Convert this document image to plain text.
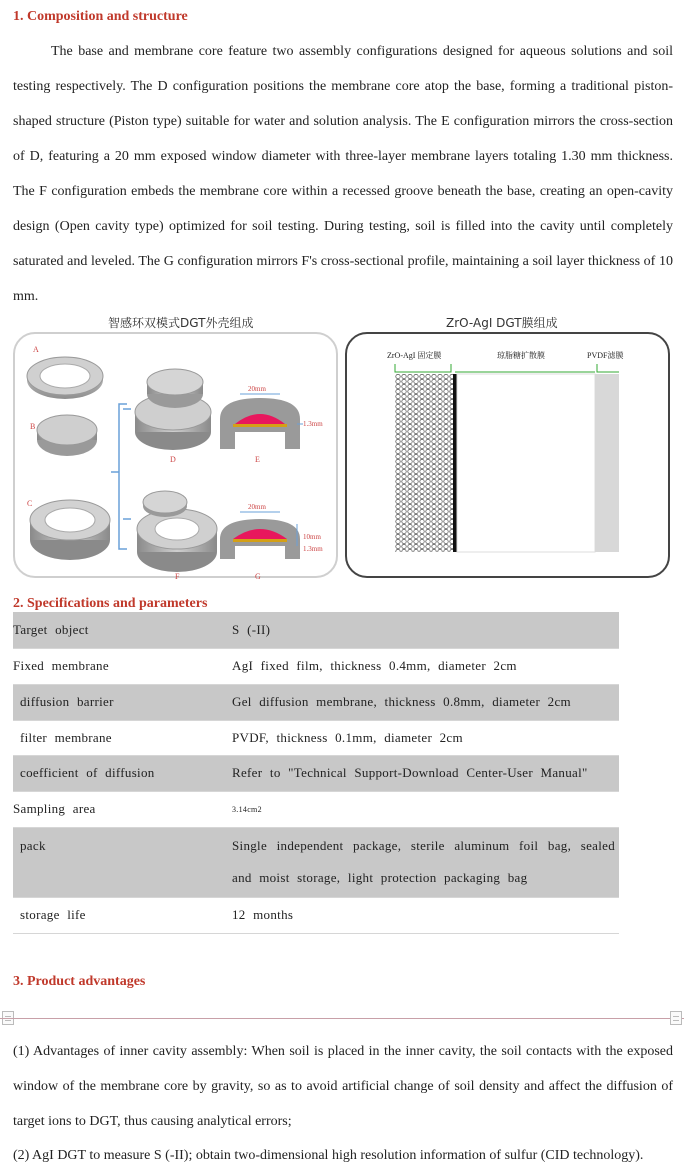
1. Composition and structure
The base and membrane core feature two assembly configurations designed for aqueous solutions and soil testing respectively. The D configuration positions the membrane core atop the base, forming a traditional piston-shaped structure (Piston type) suitable for water and solution analysis. The E configuration mirrors the cross-section of D, featuring a 20 mm exposed window diameter with three-layer membrane layers totaling 1.30 mm thickness. The F configuration embeds the membrane core within a recessed groove beneath the base, creating an open-cavity design (Open cavity type) optimized for soil testing. During testing, soil is filled into the cavity until completely saturated and leveled. The G configuration mirrors F's cross-sectional profile, maintaining a soil layer thickness of 10 mm.
智感环双模式DGT外壳组成	ZrO-AgI DGT膜组成
A
B
C
D
20mm
1.3mm
E
F
20mm
10mm
1.3mm
G
ZrO-AgI 固定膜	琼脂糖扩散膜	PVDF滤膜
2. Specifications and parameters
Target object	S (-II)

Fixed membrane	AgI fixed film, thickness 0.4mm, diameter 2cm

diffusion barrier	Gel diffusion membrane, thickness 0.8mm, diameter 2cm

filter membrane	PVDF, thickness 0.1mm, diameter 2cm

coefficient of diffusion	Refer to "Technical Support-Download Center-User Manual"

Sampling area	3.14cm2

pack	Single independent package, sterile aluminum foil bag, sealed and moist storage, light protection packaging bag

storage life	12 months
3. Product advantages
(1) Advantages of inner cavity assembly: When soil is placed in the inner cavity, the soil contacts with the exposed window of the membrane core by gravity, so as to avoid artificial change of soil density and affect the diffusion of target ions to DGT, thus causing analytical errors;
(2) AgI DGT to measure S (-II); obtain two-dimensional high resolution information of sulfur (CID technology).
